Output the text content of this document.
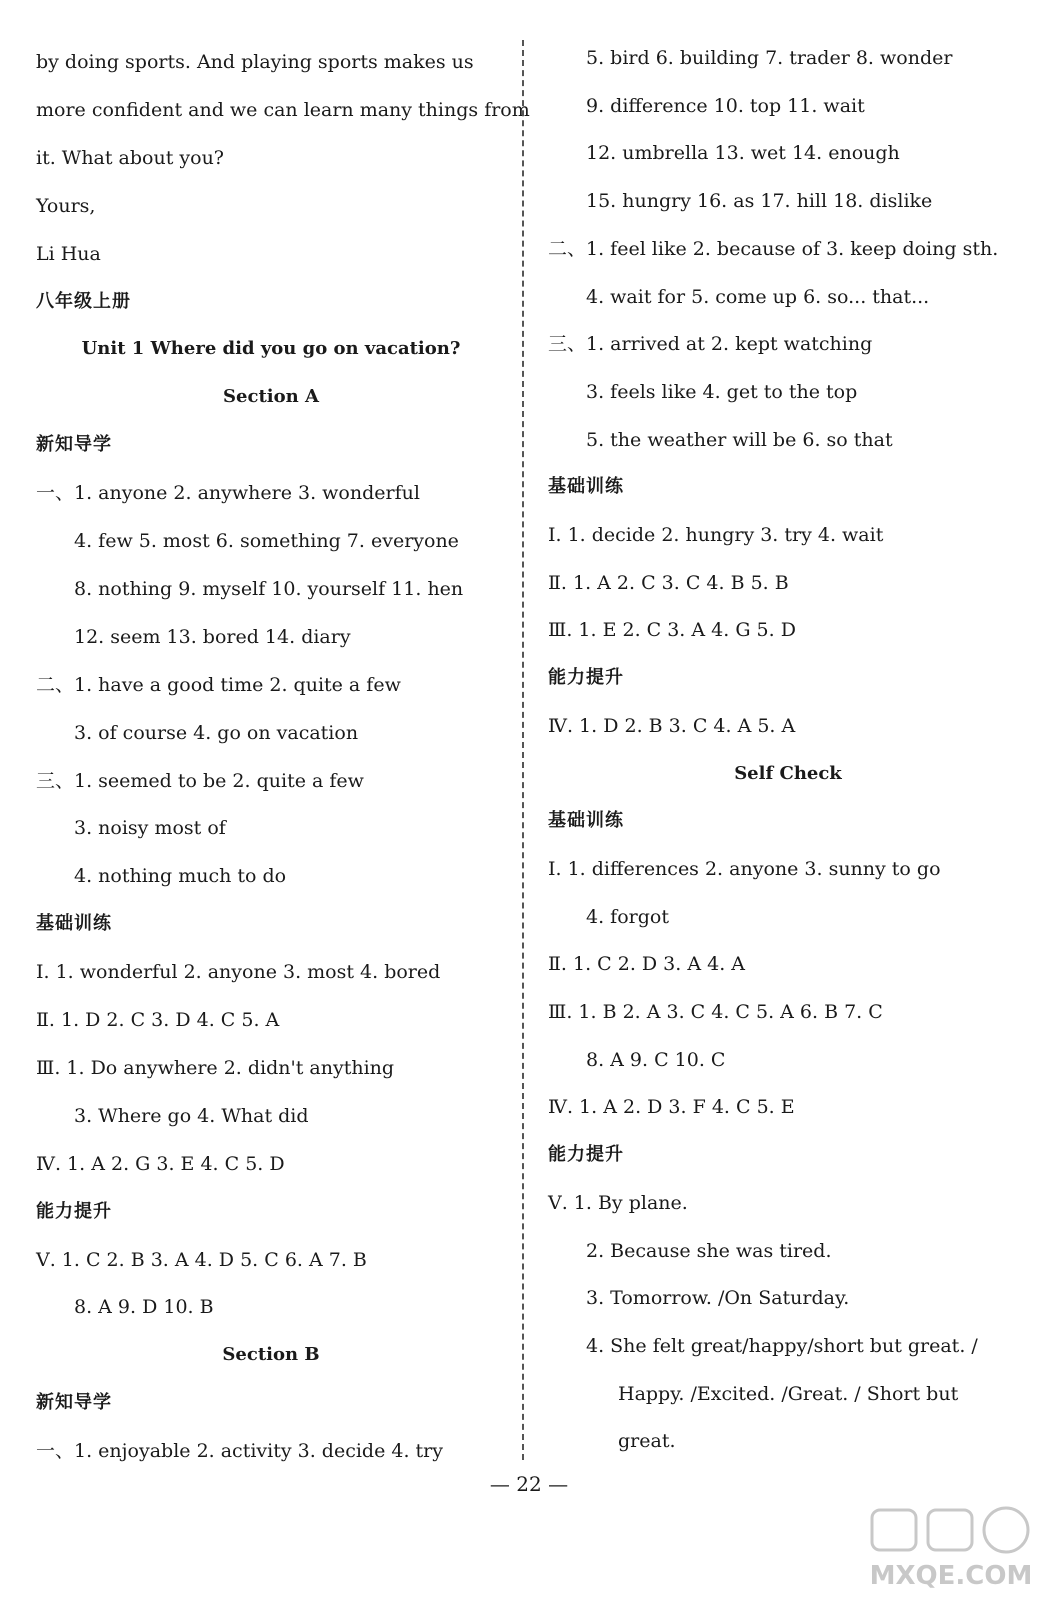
by doing sports. And playing sports makes us
more confident and we can learn many things from
it. What about you?
Yours,
Li Hua
八年级上册
Unit 1 Where did you go on vacation?
Section A
新知导学
一、1. anyone 2. anywhere 3. wonderful
4. few 5. most 6. something 7. everyone
8. nothing 9. myself 10. yourself 11. hen
12. seem 13. bored 14. diary
二、1. have a good time 2. quite a few
3. of course 4. go on vacation
三、1. seemed to be 2. quite a few
3. noisy most of
4. nothing much to do
基础训练
Ⅰ. 1. wonderful 2. anyone 3. most 4. bored
Ⅱ. 1. D 2. C 3. D 4. C 5. A
Ⅲ. 1. Do anywhere 2. didn't anything
3. Where go 4. What did
Ⅳ. 1. A 2. G 3. E 4. C 5. D
能力提升
Ⅴ. 1. C 2. B 3. A 4. D 5. C 6. A 7. B
8. A 9. D 10. B
Section B
新知导学
一、1. enjoyable 2. activity 3. decide 4. try
5. bird 6. building 7. trader 8. wonder
9. difference 10. top 11. wait
12. umbrella 13. wet 14. enough
15. hungry 16. as 17. hill 18. dislike
二、1. feel like 2. because of 3. keep doing sth.
4. wait for 5. come up 6. so... that...
三、1. arrived at 2. kept watching
3. feels like 4. get to the top
5. the weather will be 6. so that
基础训练
Ⅰ. 1. decide 2. hungry 3. try 4. wait
Ⅱ. 1. A 2. C 3. C 4. B 5. B
Ⅲ. 1. E 2. C 3. A 4. G 5. D
能力提升
Ⅳ. 1. D 2. B 3. C 4. A 5. A
Self Check
基础训练
Ⅰ. 1. differences 2. anyone 3. sunny to go
4. forgot
Ⅱ. 1. C 2. D 3. A 4. A
Ⅲ. 1. B 2. A 3. C 4. C 5. A 6. B 7. C
8. A 9. C 10. C
Ⅳ. 1. A 2. D 3. F 4. C 5. E
能力提升
Ⅴ. 1. By plane.
2. Because she was tired.
3. Tomorrow. /On Saturday.
4. She felt great/happy/short but great. /
Happy. /Excited. /Great. / Short but
great.
— 22 —
MXQE.COM
